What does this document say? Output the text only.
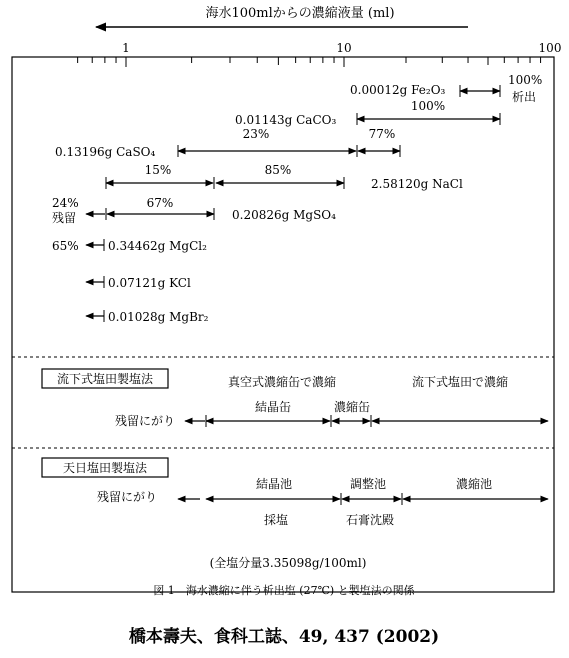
海水100mlからの濃縮液量 (ml)
1	10	100
0.00012g Fe₂O₃
100%
析出
100%
0.01143g CaCO₃
23%	77%
0.13196g CaSO₄
15%	85%
2.58120g NaCl
24%
残留
67%
0.20826g MgSO₄
65% 0.34462g MgCl₂
0.07121g KCl
0.01028g MgBr₂
流下式塩田製塩法	真空式濃縮缶で濃縮	流下式塩田で濃縮
結晶缶	濃縮缶
残留にがり
天日塩田製塩法
結晶池	調整池	濃縮池
残留にがり
採塩	石膏沈殿
(全塩分量3.35098g/100ml)
図 1　海水濃縮に伴う析出塩 (27℃) と製塩法の関係
橋本壽夫、食科工誌、49, 437 (2002)
